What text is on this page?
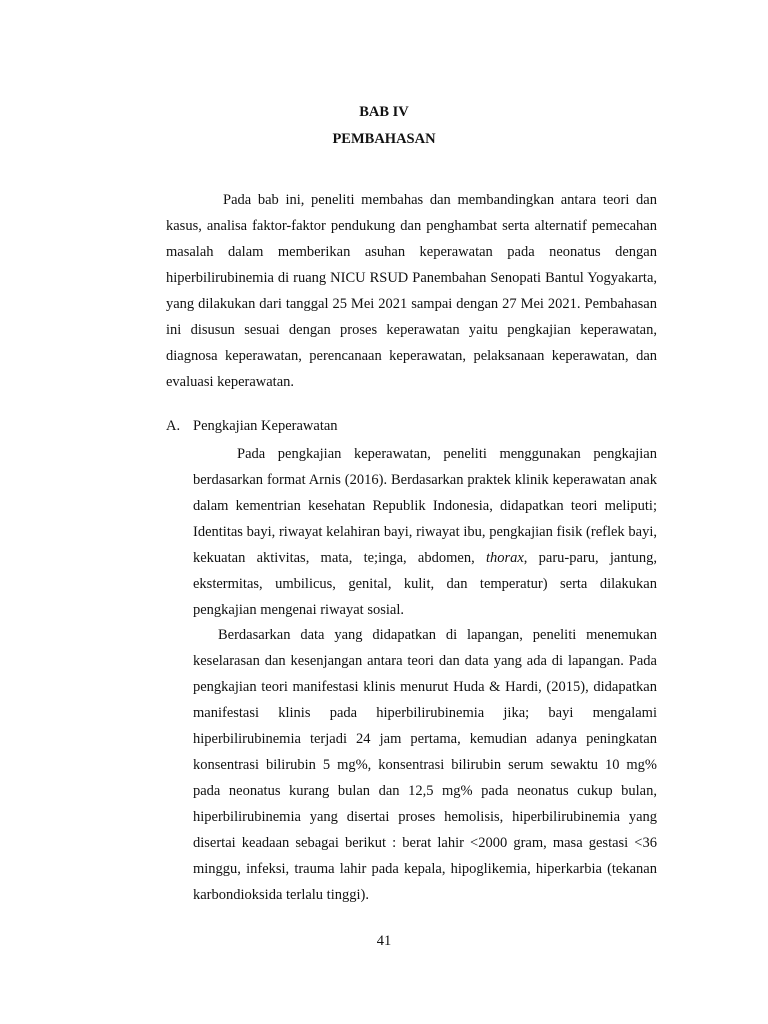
BAB IV
PEMBAHASAN

Pada bab ini, peneliti membahas dan membandingkan antara teori dan kasus, analisa faktor-faktor pendukung dan penghambat serta alternatif pemecahan masalah dalam memberikan asuhan keperawatan pada neonatus dengan hiperbilirubinemia di ruang NICU RSUD Panembahan Senopati Bantul Yogyakarta, yang dilakukan dari tanggal 25 Mei 2021 sampai dengan 27 Mei 2021. Pembahasan ini disusun sesuai dengan proses keperawatan yaitu pengkajian keperawatan, diagnosa keperawatan, perencanaan keperawatan, pelaksanaan keperawatan, dan evaluasi keperawatan.

A. Pengkajian Keperawatan

Pada pengkajian keperawatan, peneliti menggunakan pengkajian berdasarkan format Arnis (2016). Berdasarkan praktek klinik keperawatan anak dalam kementrian kesehatan Republik Indonesia, didapatkan teori meliputi; Identitas bayi, riwayat kelahiran bayi, riwayat ibu, pengkajian fisik (reflek bayi, kekuatan aktivitas, mata, te;inga, abdomen, thorax, paru-paru, jantung, ekstermitas, umbilicus, genital, kulit, dan temperatur) serta dilakukan pengkajian mengenai riwayat sosial.

Berdasarkan data yang didapatkan di lapangan, peneliti menemukan keselarasan dan kesenjangan antara teori dan data yang ada di lapangan. Pada pengkajian teori manifestasi klinis menurut Huda & Hardi, (2015), didapatkan manifestasi klinis pada hiperbilirubinemia jika; bayi mengalami hiperbilirubinemia terjadi 24 jam pertama, kemudian adanya peningkatan konsentrasi bilirubin 5 mg%, konsentrasi bilirubin serum sewaktu 10 mg% pada neonatus kurang bulan dan 12,5 mg% pada neonatus cukup bulan, hiperbilirubinemia yang disertai proses hemolisis, hiperbilirubinemia yang disertai keadaan sebagai berikut : berat lahir <2000 gram, masa gestasi <36 minggu, infeksi, trauma lahir pada kepala, hipoglikemia, hiperkarbia (tekanan karbondioksida terlalu tinggi).

41
